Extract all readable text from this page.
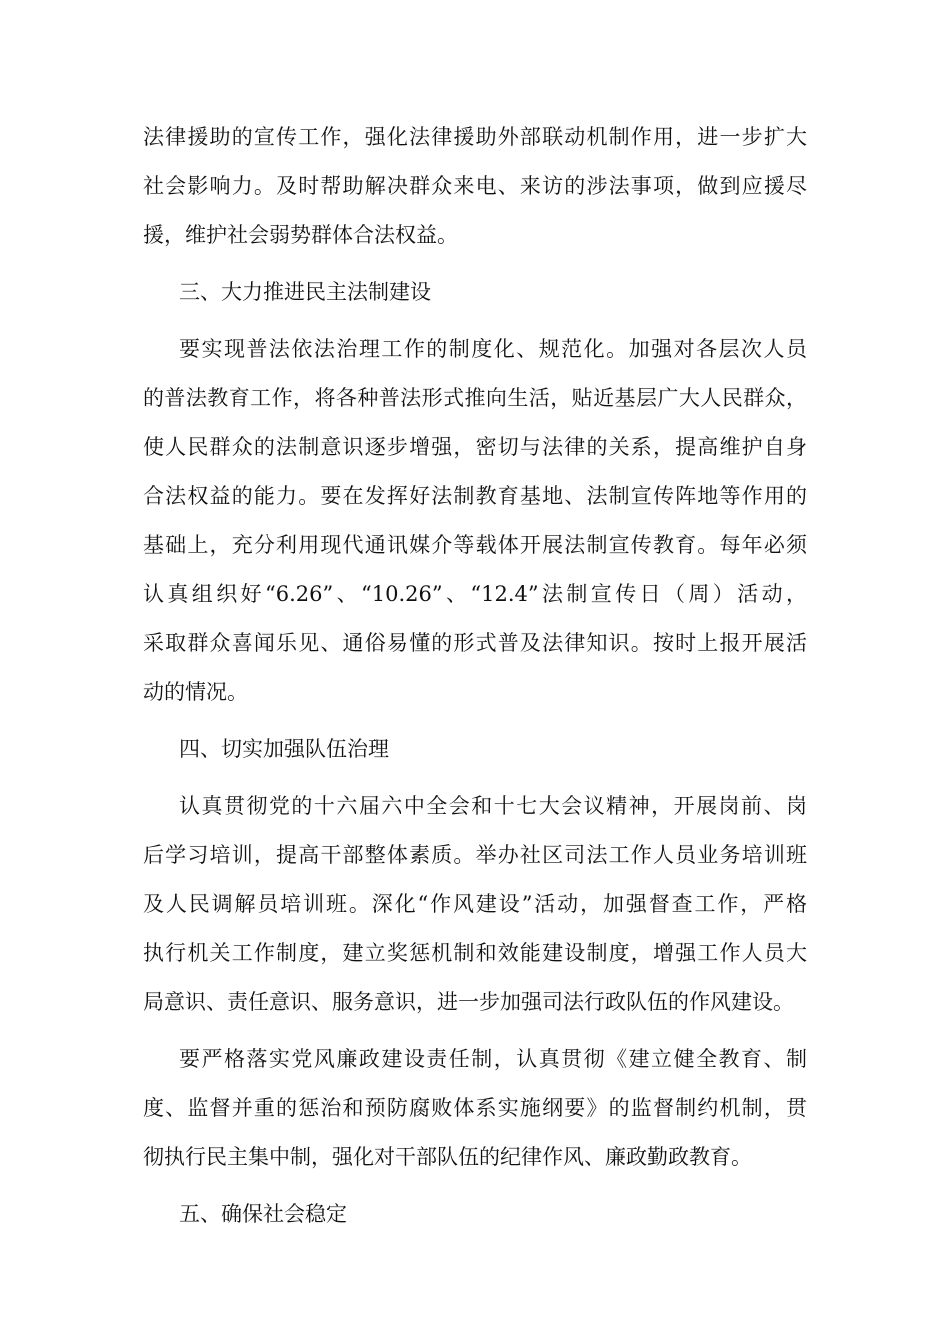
法律援助的宣传工作，强化法律援助外部联动机制作用，进一步扩大
社会影响力。及时帮助解决群众来电、来访的涉法事项，做到应援尽
援，维护社会弱势群体合法权益。
三、大力推进民主法制建设
要实现普法依法治理工作的制度化、规范化。加强对各层次人员
的普法教育工作，将各种普法形式推向生活，贴近基层广大人民群众，
使人民群众的法制意识逐步增强，密切与法律的关系，提高维护自身
合法权益的能力。要在发挥好法制教育基地、法制宣传阵地等作用的
基础上，充分利用现代通讯媒介等载体开展法制宣传教育。每年必须
认真组织好“6.26”、“10.26”、“12.4”法制宣传日（周）活动，
采取群众喜闻乐见、通俗易懂的形式普及法律知识。按时上报开展活
动的情况。
四、切实加强队伍治理
认真贯彻党的十六届六中全会和十七大会议精神，开展岗前、岗
后学习培训，提高干部整体素质。举办社区司法工作人员业务培训班
及人民调解员培训班。深化“作风建设”活动，加强督查工作，严格
执行机关工作制度，建立奖惩机制和效能建设制度，增强工作人员大
局意识、责任意识、服务意识，进一步加强司法行政队伍的作风建设。
要严格落实党风廉政建设责任制，认真贯彻《建立健全教育、制
度、监督并重的惩治和预防腐败体系实施纲要》的监督制约机制，贯
彻执行民主集中制，强化对干部队伍的纪律作风、廉政勤政教育。
五、确保社会稳定
